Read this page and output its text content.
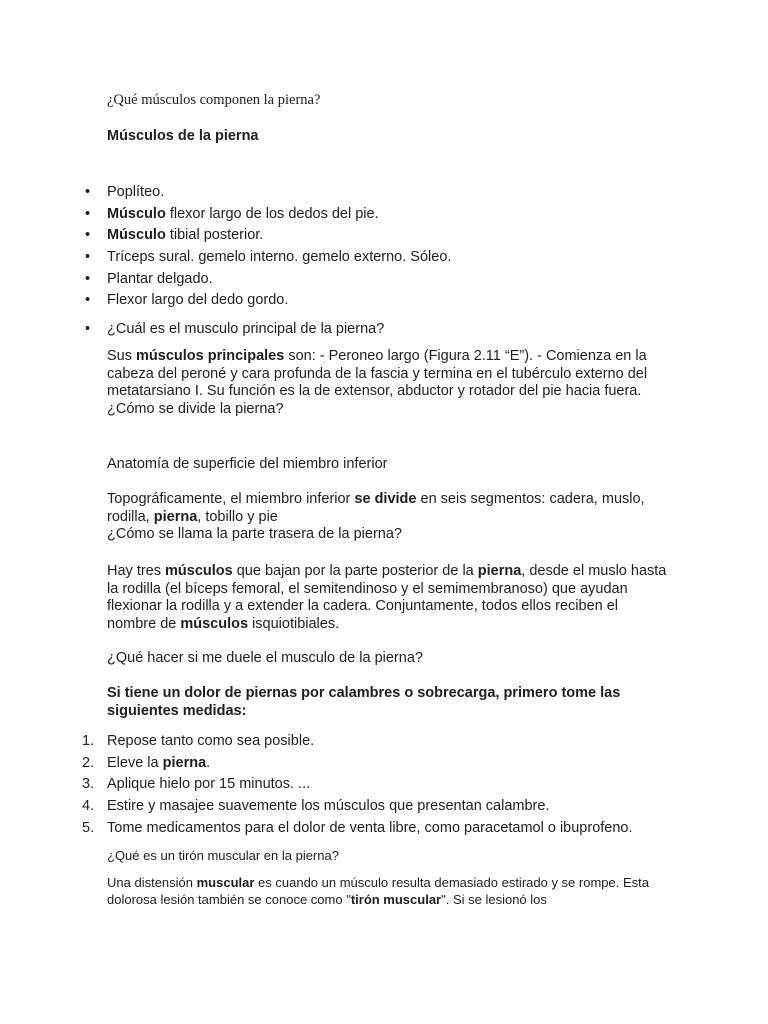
¿Qué músculos componen la pierna?

Músculos de la pierna

• Poplíteo.
• Músculo flexor largo de los dedos del pie.
• Músculo tibial posterior.
• Tríceps sural. gemelo interno. gemelo externo. Sóleo.
• Plantar delgado.
• Flexor largo del dedo gordo.
• ¿Cuál es el musculo principal de la pierna?

Sus músculos principales son: - Peroneo largo (Figura 2.11 “E”). - Comienza en la cabeza del peroné y cara profunda de la fascia y termina en el tubérculo externo del metatarsiano I. Su función es la de extensor, abductor y rotador del pie hacia fuera.
¿Cómo se divide la pierna?

Anatomía de superficie del miembro inferior

Topográficamente, el miembro inferior se divide en seis segmentos: cadera, muslo, rodilla, pierna, tobillo y pie
¿Cómo se llama la parte trasera de la pierna?

Hay tres músculos que bajan por la parte posterior de la pierna, desde el muslo hasta la rodilla (el bíceps femoral, el semitendinoso y el semimembranoso) que ayudan flexionar la rodilla y a extender la cadera. Conjuntamente, todos ellos reciben el nombre de músculos isquiotibiales.

¿Qué hacer si me duele el musculo de la pierna?

Si tiene un dolor de piernas por calambres o sobrecarga, primero tome las siguientes medidas:

1. Repose tanto como sea posible.
2. Eleve la pierna.
3. Aplique hielo por 15 minutos. ...
4. Estire y masajee suavemente los músculos que presentan calambre.
5. Tome medicamentos para el dolor de venta libre, como paracetamol o ibuprofeno.

¿Qué es un tirón muscular en la pierna?

Una distensión muscular es cuando un músculo resulta demasiado estirado y se rompe. Esta dolorosa lesión también se conoce como "tirón muscular". Si se lesionó los
